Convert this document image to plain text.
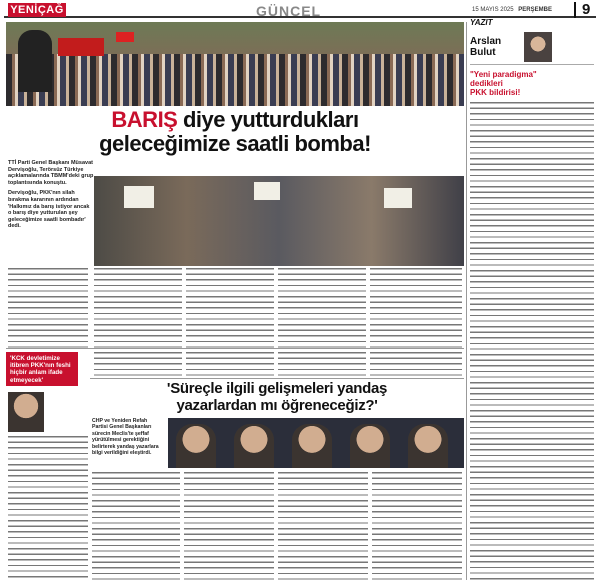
YENİÇAĞ	GÜNCEL	15 MAYIS 2025 PERŞEMBE	9
BARIŞ diye yutturdukları
geleceğimize saatli bomba!

TTİ Parti Genel Başkanı Müsavat Dervişoğlu, Terörsüz Türkiye açıklamalarında TBMM'deki grup toplantısında konuştu.

Dervişoğlu, PKK'nın silah bırakma kararının ardından 'Halkımız da barış istiyor ancak o barış diye yutturulan şey geleceğimize saatli bombadır' dedi.

'KCK devletimize itibren PKK'nın feshi hiçbir anlam ifade etmeyecek'	'Süreçle ilgili gelişmeleri yandaş
yazarlardan mı öğreneceğiz?'
CHP ve Yeniden Refah Partisi Genel Başkanları sürecin Meclis'te şeffaf yürütülmesi gerektiğini belirterek yandaş yazarlara bilgi verildiğini eleştirdi.
YAZIT
Arslan
Bulut
"Yeni paradigma"
dedikleri
PKK bildirisi!
